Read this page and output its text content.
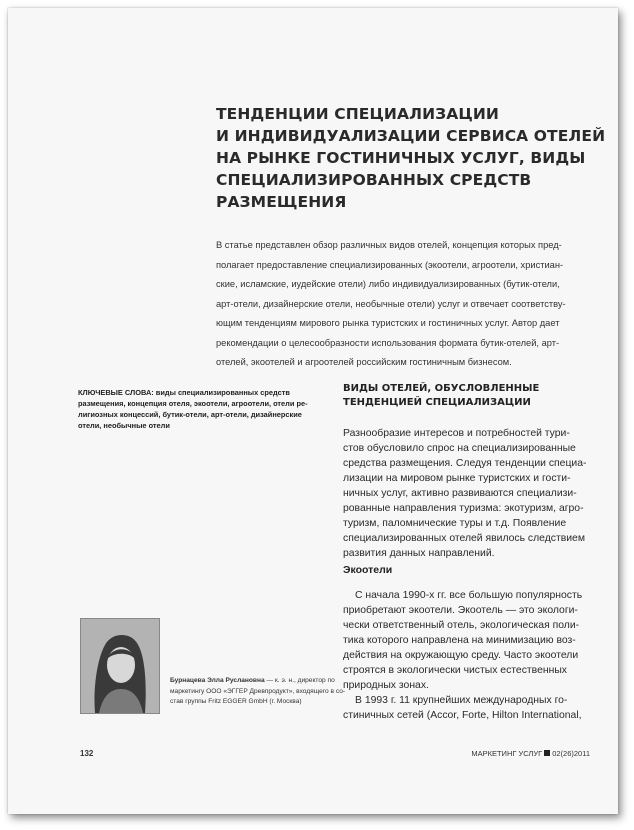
ТЕНДЕНЦИИ СПЕЦИАЛИЗАЦИИ
И ИНДИВИДУАЛИЗАЦИИ СЕРВИСА ОТЕЛЕЙ
НА РЫНКЕ ГОСТИНИЧНЫХ УСЛУГ, ВИДЫ
СПЕЦИАЛИЗИРОВАННЫХ СРЕДСТВ
РАЗМЕЩЕНИЯ
В статье представлен обзор различных видов отелей, концепция которых пред-
полагает предоставление специализированных (экоотели, агроотели, христиан-
ские, исламские, иудейские отели) либо индивидуализированных (бутик-отели,
арт-отели, дизайнерские отели, необычные отели) услуг и отвечает соответству-
ющим тенденциям мирового рынка туристских и гостиничных услуг. Автор дает
рекомендации о целесообразности использования формата бутик-отелей, арт-
отелей, экоотелей и агроотелей российским гостиничным бизнесом.
КЛЮЧЕВЫЕ СЛОВА: виды специализированных средств
размещения, концепция отеля, экоотели, агроотели, отели ре-
лигиозных концессий, бутик-отели, арт-отели, дизайнерские
отели, необычные отели
ВИДЫ ОТЕЛЕЙ, ОБУСЛОВЛЕННЫЕ
ТЕНДЕНЦИЕЙ СПЕЦИАЛИЗАЦИИ
Разнообразие интересов и потребностей тури-
стов обусловило спрос на специализированные
средства размещения. Следуя тенденции специа-
лизации на мировом рынке туристских и гости-
ничных услуг, активно развиваются специализи-
рованные направления туризма: экотуризм, агро-
туризм, паломнические туры и т.д. Появление
специализированных отелей явилось следствием
развития данных направлений.
Экоотели
С начала 1990-х гг. все большую популярность
приобретают экоотели. Экоотель — это экологи-
чески ответственный отель, экологическая поли-
тика которого направлена на минимизацию воз-
действия на окружающую среду. Часто экоотели
строятся в экологически чистых естественных
природных зонах.
В 1993 г. 11 крупнейших международных го-
стиничных сетей (Accor, Forte, Hilton International,
Бурнацева Элла Руслановна — к. э. н., директор по
маркетингу ООО «ЭГГЕР Древпродукт», входящего в со-
став группы Fritz EGGER GmbH (г. Москва)
132	МАРКЕТИНГ УСЛУГ 02(26)2011
